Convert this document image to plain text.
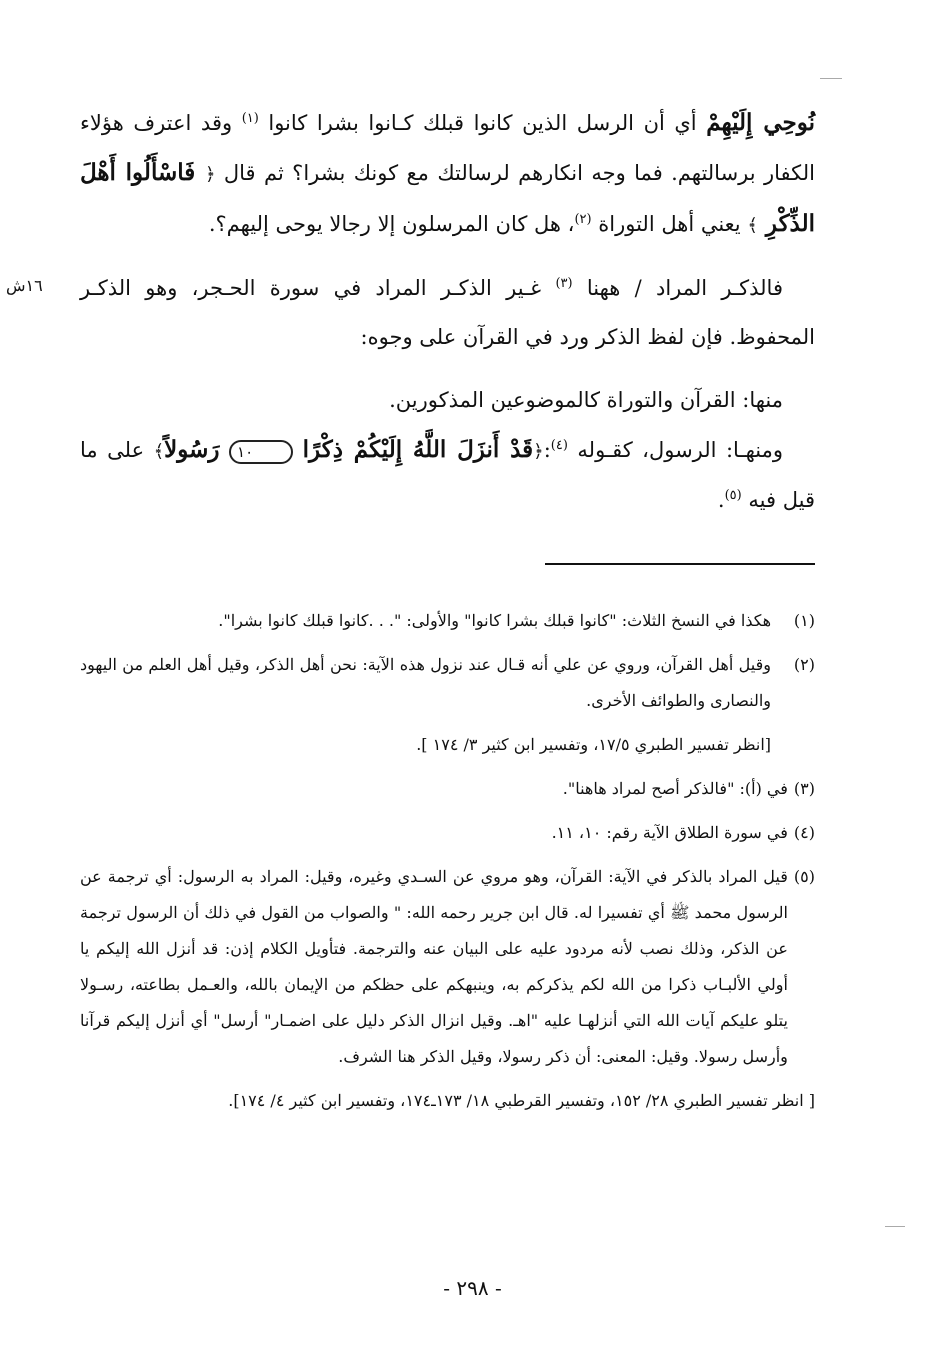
نُوحِي إِلَيْهِمْ أي أن الرسل الذين كانوا قبلك كـانوا بشرا كانوا $^{(١)}$ وقد اعترف هؤلاء الكفار برسالتهم. فما وجه انكارهم لرسالتك مع كونك بشرا؟ ثم قال ﴿ فَاسْأَلُوا أَهْلَ الذِّكْرِ ﴾ يعني أهل التوراة $^{(٢)}$، هل كان المرسلون إلا رجالا يوحى إليهم؟.

فالذكـر المراد / ههنا $^{(٣)}$ غـير الذكـر المراد في سورة الحـجر، وهو الذكـر المحفوظ. فإن لفظ الذكر ورد في القرآن على وجوه:

منها: القرآن والتوراة كالموضوعين المذكورين.

ومنهـا: الرسول، كقـوله $^{(٤)}$:﴿قَدْ أَنزَلَ اللَّهُ إِلَيْكُمْ ذِكْرًا ١٠ رَسُولاً﴾ على ما قيل فيه $^{(٥)}$.

١٦ش
(١)
هكذا في النسخ الثلاث: "كانوا قبلك بشرا كانوا" والأولى: ". . .كانوا قبلك كانوا بشرا".
(٢)
وقيل أهل القرآن، وروي عن علي أنه قـال عند نزول هذه الآية: نحن أهل الذكر، وقيل أهل العلم من اليهود والنصارى والطوائف الأخرى.
[انظر تفسير الطبري ١٧/٥، وتفسير ابن كثير ٣/ ١٧٤ ].
(٣)
في (أ): "فالذكر أصح لمراد هاهنا".
(٤)
في سورة الطلاق الآية رقم: ١٠، ١١.
(٥)
قيل المراد بالذكر في الآية: القرآن، وهو مروي عن السـدي وغيره، وقيل: المراد به الرسول: أي ترجمة عن الرسول محمد ﷺ أي تفسيرا له. قال ابن جرير رحمه الله: " والصواب من القول في ذلك أن الرسول ترجمة عن الذكر، وذلك نصب لأنه مردود عليه على البيان عنه والترجمة. فتأويل الكلام إذن: قد أنزل الله إليكم يا أولي الألبـاب ذكرا من الله لكم يذكركم به، وينبهكم على حظكم من الإيمان بالله، والعـمل بطاعته، رسـولا يتلو عليكم آيات الله التي أنزلهـا عليه "اهـ. وقيل انزال الذكر دليل على اضمـار" أرسل" أي أنزل إليكم قرآنا وأرسل رسولا. وقيل: المعنى: أن ذكر رسولا، وقيل الذكر هنا الشرف.
[ انظر تفسير الطبري ٢٨/ ١٥٢، وتفسير القرطبي ١٨/ ١٧٣ـ١٧٤، وتفسير ابن كثير ٤/ ١٧٤].
- ٢٩٨ -
